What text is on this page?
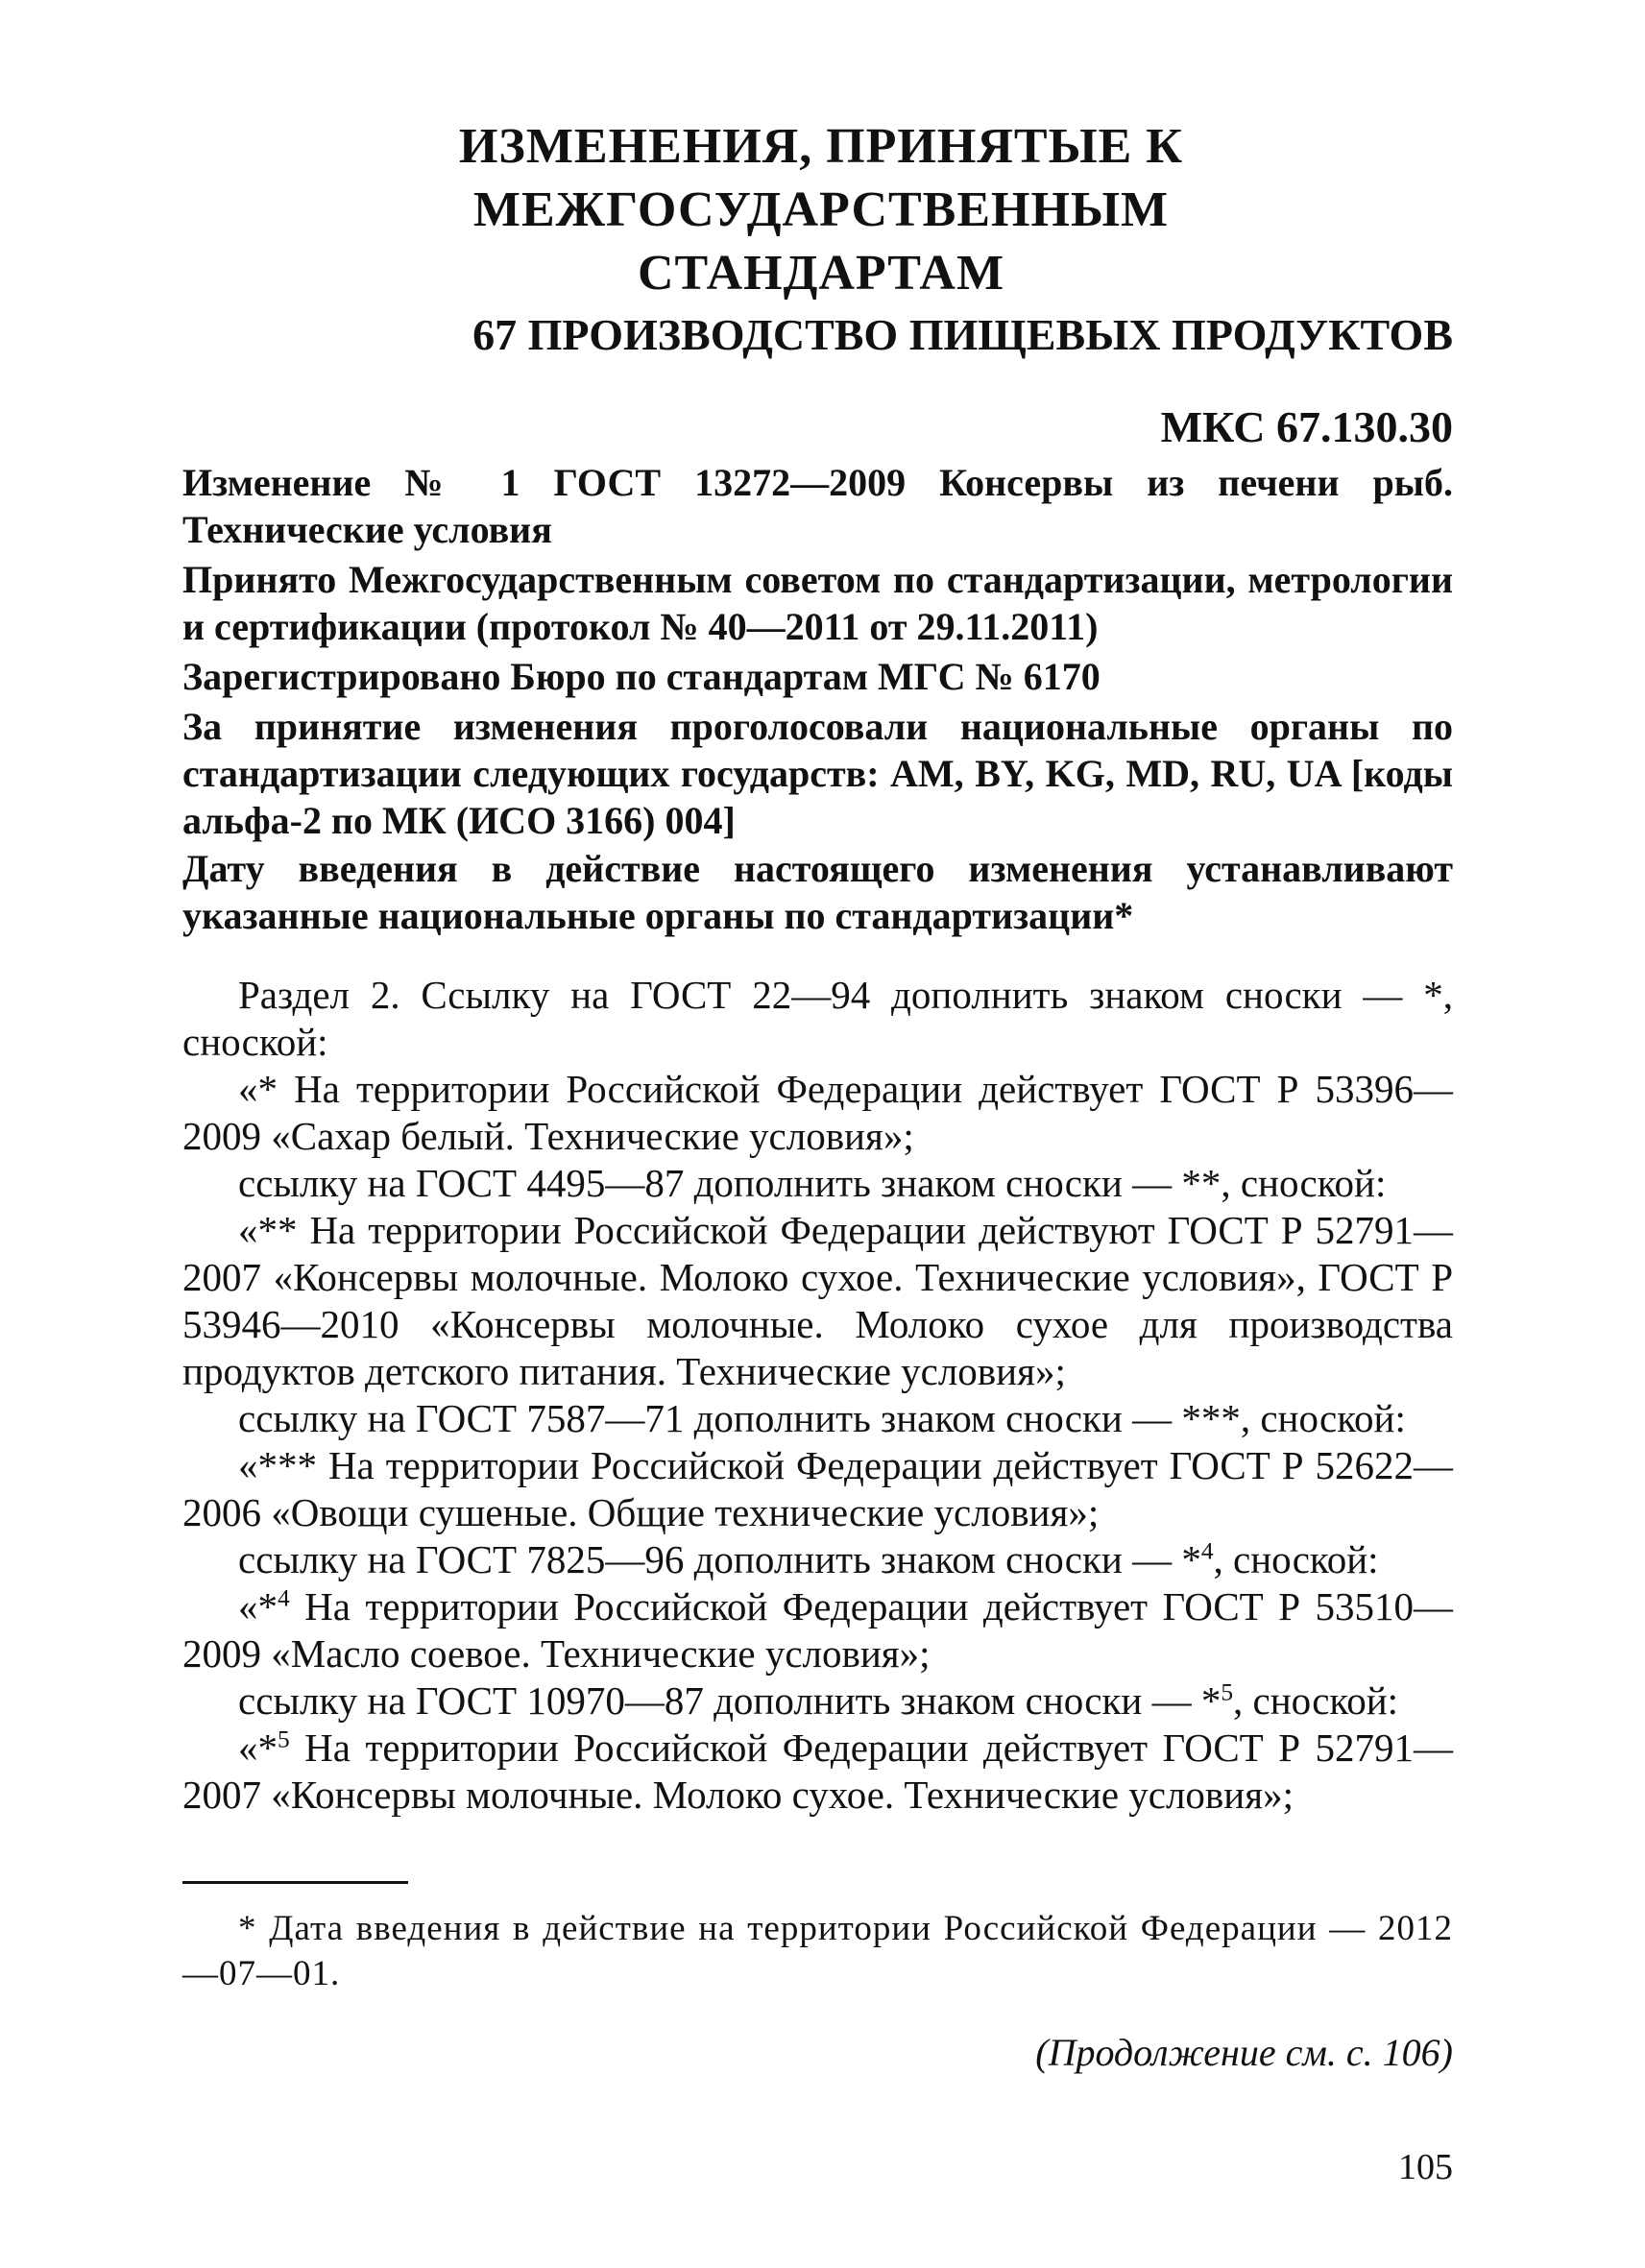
ИЗМЕНЕНИЯ, ПРИНЯТЫЕ К МЕЖГОСУДАРСТВЕННЫМ
СТАНДАРТАМ
67 ПРОИЗВОДСТВО ПИЩЕВЫХ ПРОДУКТОВ

МКС 67.130.30

Изменение № 1 ГОСТ 13272—2009 Консервы из печени рыб. Технические условия

Принято Межгосударственным советом по стандартизации, метрологии и сертификации (протокол № 40—2011 от 29.11.2011)

Зарегистрировано Бюро по стандартам МГС № 6170

За принятие изменения проголосовали национальные органы по стандартизации следующих государств: AM, BY, KG, MD, RU, UA [коды альфа-2 по МК (ИСО 3166) 004]

Дату введения в действие настоящего изменения устанавливают указанные национальные органы по стандартизации*

Раздел 2. Ссылку на ГОСТ 22—94 дополнить знаком сноски — *, сноской:

«* На территории Российской Федерации действует ГОСТ Р 53396—2009 «Сахар белый. Технические условия»;

ссылку на ГОСТ 4495—87 дополнить знаком сноски — **, сноской:

«** На территории Российской Федерации действуют ГОСТ Р 52791—2007 «Консервы молочные. Молоко сухое. Технические условия», ГОСТ Р 53946—2010 «Консервы молочные. Молоко сухое для производства продуктов детского питания. Технические условия»;

ссылку на ГОСТ 7587—71 дополнить знаком сноски — ***, сноской:

«*** На территории Российской Федерации действует ГОСТ Р 52622—2006 «Овощи сушеные. Общие технические условия»;

ссылку на ГОСТ 7825—96 дополнить знаком сноски — *$^4$, сноской:

«*$^4$ На территории Российской Федерации действует ГОСТ Р 53510—2009 «Масло соевое. Технические условия»;

ссылку на ГОСТ 10970—87 дополнить знаком сноски — *$^5$, сноской:

«*$^5$ На территории Российской Федерации действует ГОСТ Р 52791—2007 «Консервы молочные. Молоко сухое. Технические условия»;

* Дата введения в действие на территории Российской Федерации — 2012—07—01.

(Продолжение см. с. 106)

105
